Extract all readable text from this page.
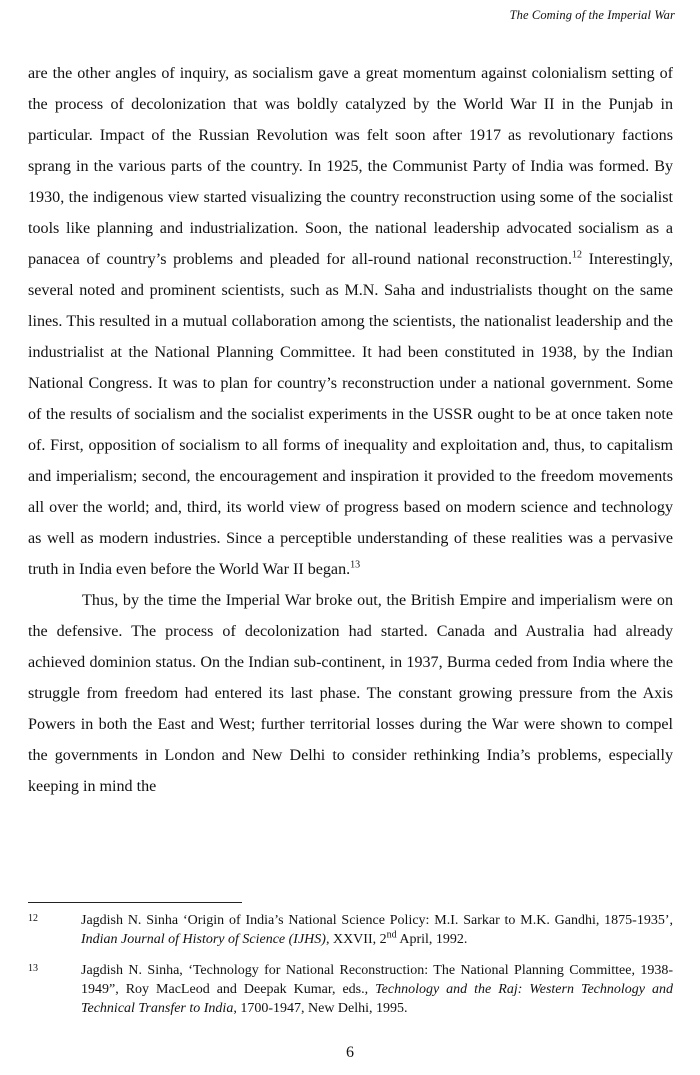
The Coming of the Imperial War

are the other angles of inquiry, as socialism gave a great momentum against colonialism setting of the process of decolonization that was boldly catalyzed by the World War II in the Punjab in particular. Impact of the Russian Revolution was felt soon after 1917 as revolutionary factions sprang in the various parts of the country. In 1925, the Communist Party of India was formed. By 1930, the indigenous view started visualizing the country reconstruction using some of the socialist tools like planning and industrialization. Soon, the national leadership advocated socialism as a panacea of country’s problems and pleaded for all-round national reconstruction.$^{12}$ Interestingly, several noted and prominent scientists, such as M.N. Saha and industrialists thought on the same lines. This resulted in a mutual collaboration among the scientists, the nationalist leadership and the industrialist at the National Planning Committee. It had been constituted in 1938, by the Indian National Congress. It was to plan for country’s reconstruction under a national government. Some of the results of socialism and the socialist experiments in the USSR ought to be at once taken note of. First, opposition of socialism to all forms of inequality and exploitation and, thus, to capitalism and imperialism; second, the encouragement and inspiration it provided to the freedom movements all over the world; and, third, its world view of progress based on modern science and technology as well as modern industries. Since a perceptible understanding of these realities was a pervasive truth in India even before the World War II began.$^{13}$

Thus, by the time the Imperial War broke out, the British Empire and imperialism were on the defensive. The process of decolonization had started. Canada and Australia had already achieved dominion status. On the Indian sub-continent, in 1937, Burma ceded from India where the struggle from freedom had entered its last phase. The constant growing pressure from the Axis Powers in both the East and West; further territorial losses during the War were shown to compel the governments in London and New Delhi to consider rethinking India’s problems, especially keeping in mind the

12	Jagdish N. Sinha ‘Origin of India’s National Science Policy: M.I. Sarkar to M.K. Gandhi, 1875-1935’, Indian Journal of History of Science (IJHS), XXVII, 2nd April, 1992.
13	Jagdish N. Sinha, ‘Technology for National Reconstruction: The National Planning Committee, 1938-1949”, Roy MacLeod and Deepak Kumar, eds., Technology and the Raj: Western Technology and Technical Transfer to India, 1700-1947, New Delhi, 1995.
6
